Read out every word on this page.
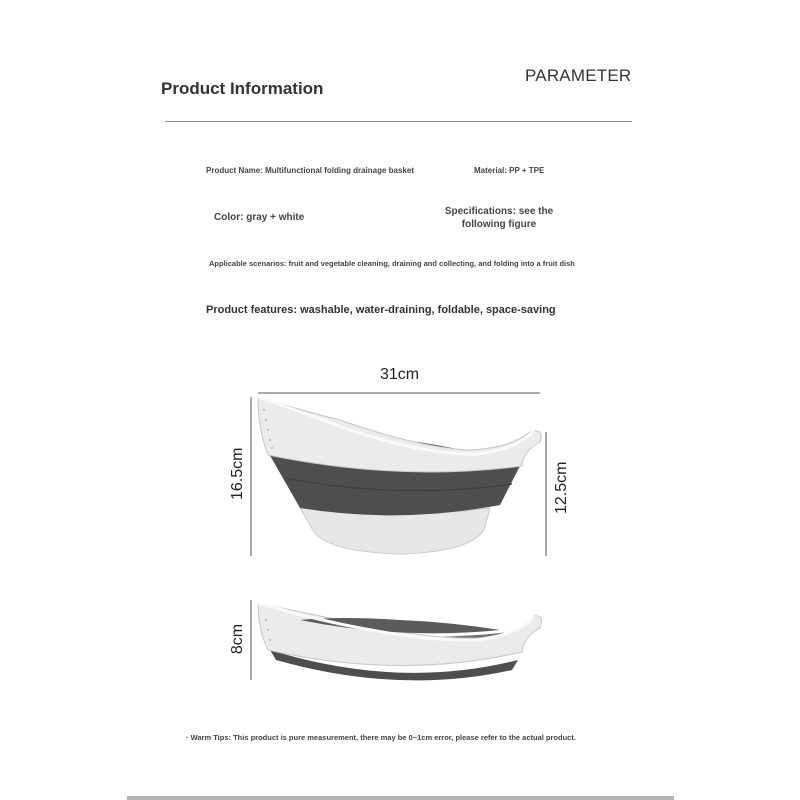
Product Information
PARAMETER
Product Name: Multifunctional folding drainage basket	Material: PP + TPE
Color: gray + white
Specifications: see the following figure
Applicable scenarios: fruit and vegetable cleaning, draining and collecting, and folding into a fruit dish
Product features: washable, water-draining, foldable, space-saving
31cm
16.5cm	12.5cm
8cm
· Warm Tips: This product is pure measurement, there may be 0~1cm error, please refer to the actual product.
